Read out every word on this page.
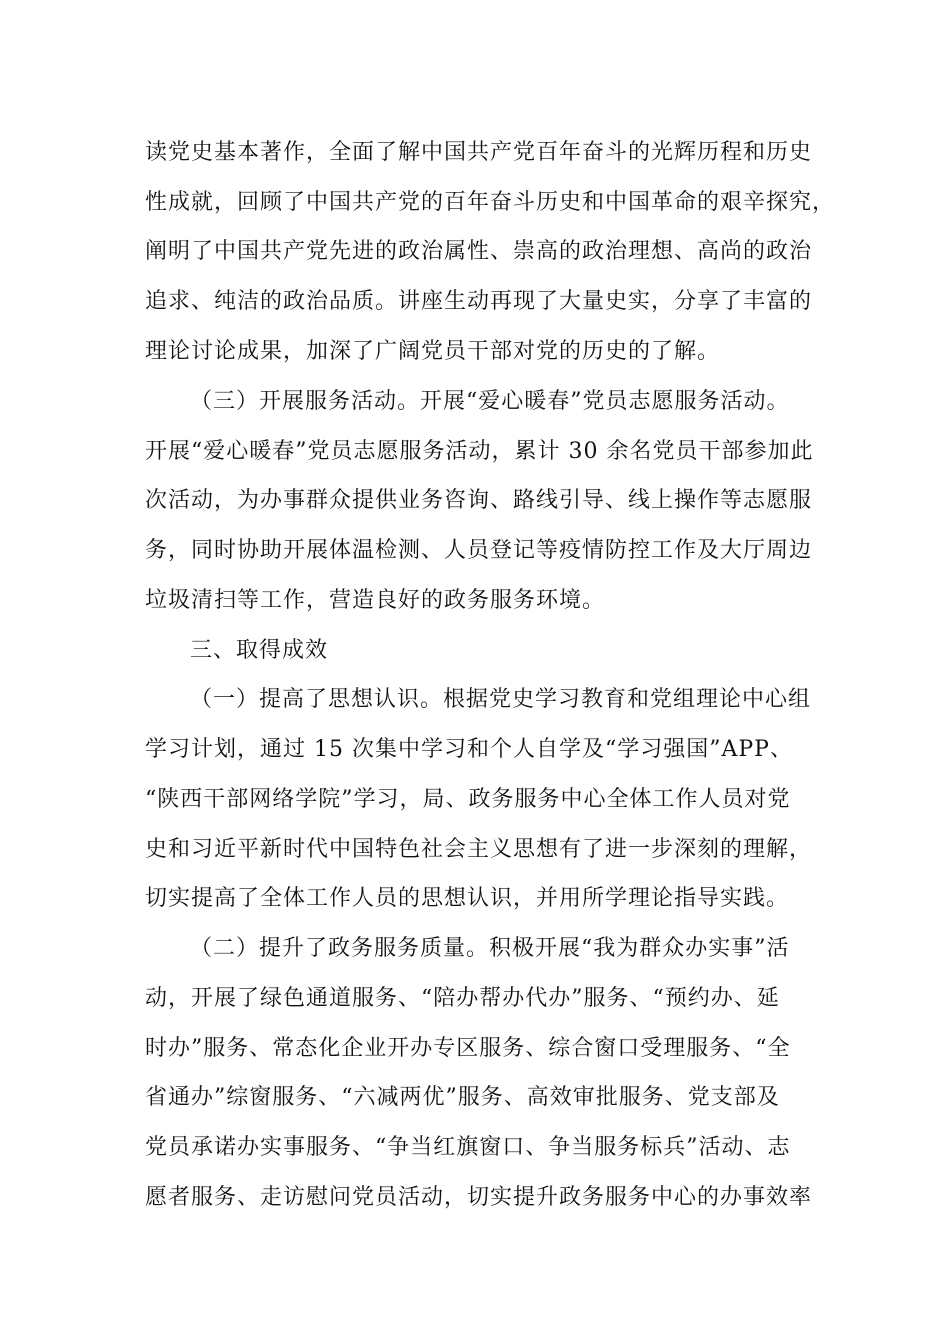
读党史基本著作，全面了解中国共产党百年奋斗的光辉历程和历史
性成就，回顾了中国共产党的百年奋斗历史和中国革命的艰辛探究，
阐明了中国共产党先进的政治属性、崇高的政治理想、高尚的政治
追求、纯洁的政治品质。讲座生动再现了大量史实，分享了丰富的
理论讨论成果，加深了广阔党员干部对党的历史的了解。
（三）开展服务活动。开展“爱心暖春”党员志愿服务活动。
开展“爱心暖春”党员志愿服务活动，累计 30 余名党员干部参加此
次活动，为办事群众提供业务咨询、路线引导、线上操作等志愿服
务，同时协助开展体温检测、人员登记等疫情防控工作及大厅周边
垃圾清扫等工作，营造良好的政务服务环境。
三、取得成效
（一）提高了思想认识。根据党史学习教育和党组理论中心组
学习计划，通过 15 次集中学习和个人自学及“学习强国”APP、
“陕西干部网络学院”学习，局、政务服务中心全体工作人员对党
史和习近平新时代中国特色社会主义思想有了进一步深刻的理解，
切实提高了全体工作人员的思想认识，并用所学理论指导实践。
（二）提升了政务服务质量。积极开展“我为群众办实事”活
动，开展了绿色通道服务、“陪办帮办代办”服务、“预约办、延
时办”服务、常态化企业开办专区服务、综合窗口受理服务、“全
省通办”综窗服务、“六减两优”服务、高效审批服务、党支部及
党员承诺办实事服务、“争当红旗窗口、争当服务标兵”活动、志
愿者服务、走访慰问党员活动，切实提升政务服务中心的办事效率
